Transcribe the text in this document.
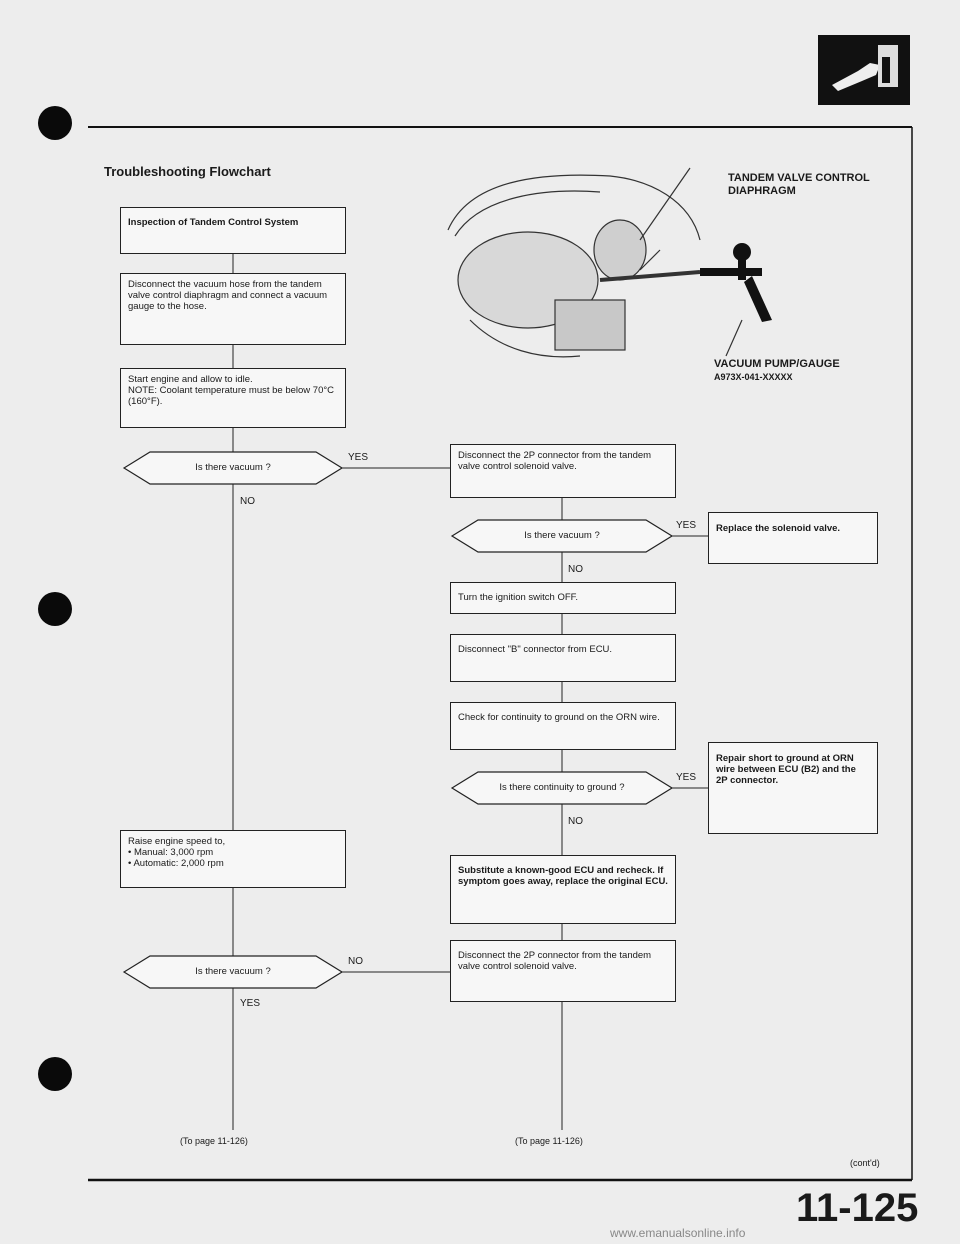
Troubleshooting Flowchart	TANDEM VALVE CONTROL
DIAPHRAGM
VACUUM PUMP/GAUGE
A973X-041-XXXXX
Inspection of Tandem Control System
Disconnect the vacuum hose from the tandem valve control diaphragm and connect a vacuum gauge to the hose.
Start engine and allow to idle.
NOTE: Coolant temperature must be below 70°C (160°F).
Is there vacuum ?
YES
NO
Raise engine speed to,
• Manual: 3,000 rpm
• Automatic: 2,000 rpm
Is there vacuum ?
NO
YES
(To page 11-126)
Disconnect the 2P connector from the tandem valve control solenoid valve.
Is there vacuum ?
YES
NO
Replace the solenoid valve.
Turn the ignition switch OFF.
Disconnect "B" connector from ECU.
Check for continuity to ground on the ORN wire.
Is there continuity to ground ?
YES
NO
Repair short to ground at ORN wire between ECU (B2) and the 2P connector.
Substitute a known-good ECU and recheck. If symptom goes away, replace the original ECU.
Disconnect the 2P connector from the tandem valve control solenoid valve.
(To page 11-126)
(cont'd)
11-125
www.emanualsonline.info
